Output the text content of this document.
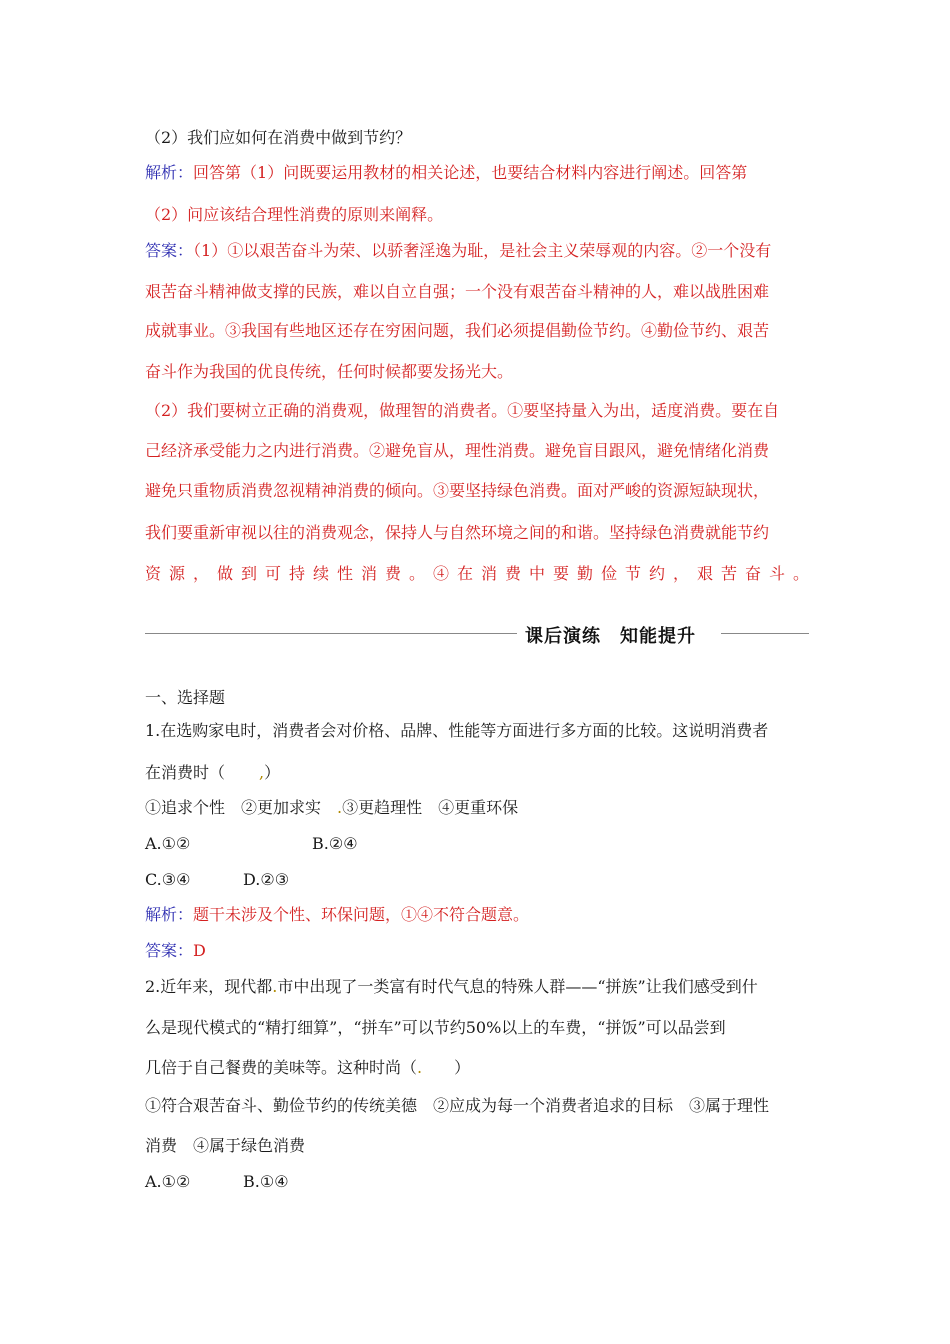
（2）我们应如何在消费中做到节约？
解析：回答第（1）问既要运用教材的相关论述，也要结合材料内容进行阐述。回答第
（2）问应该结合理性消费的原则来阐释。
答案：（1）①以艰苦奋斗为荣、以骄奢淫逸为耻，是社会主义荣辱观的内容。②一个没有
艰苦奋斗精神做支撑的民族，难以自立自强；一个没有艰苦奋斗精神的人，难以战胜困难
成就事业。③我国有些地区还存在穷困问题，我们必须提倡勤俭节约。④勤俭节约、艰苦
奋斗作为我国的优良传统，任何时候都要发扬光大。
（2）我们要树立正确的消费观，做理智的消费者。①要坚持量入为出，适度消费。要在自
己经济承受能力之内进行消费。②避免盲从，理性消费。避免盲目跟风，避免情绪化消费
避免只重物质消费忽视精神消费的倾向。③要坚持绿色消费。面对严峻的资源短缺现状，
我们要重新审视以往的消费观念，保持人与自然环境之间的和谐。坚持绿色消费就能节约
资源，做到可持续性消费。④在消费中要勤俭节约，艰苦奋斗。
课后演练　知能提升
一、选择题
1.在选购家电时，消费者会对价格、品牌、性能等方面进行多方面的比较。这说明消费者
在消费时（ ,）
①追求个性　②更加求实　.③更趋理性　④更重环保
A.①②	B.②④
C.③④	D.②③
解析：题干未涉及个性、环保问题，①④不符合题意。
答案：D
2.近年来，现代都.市中出现了一类富有时代气息的特殊人群——“拼族”让我们感受到什
么是现代模式的“精打细算”，“拼车”可以节约50%以上的车费，“拼饭”可以品尝到
几倍于自己餐费的美味等。这种时尚（.　　）
①符合艰苦奋斗、勤俭节约的传统美德　②应成为每一个消费者追求的目标　③属于理性
消费　④属于绿色消费
A.①②	B.①④
